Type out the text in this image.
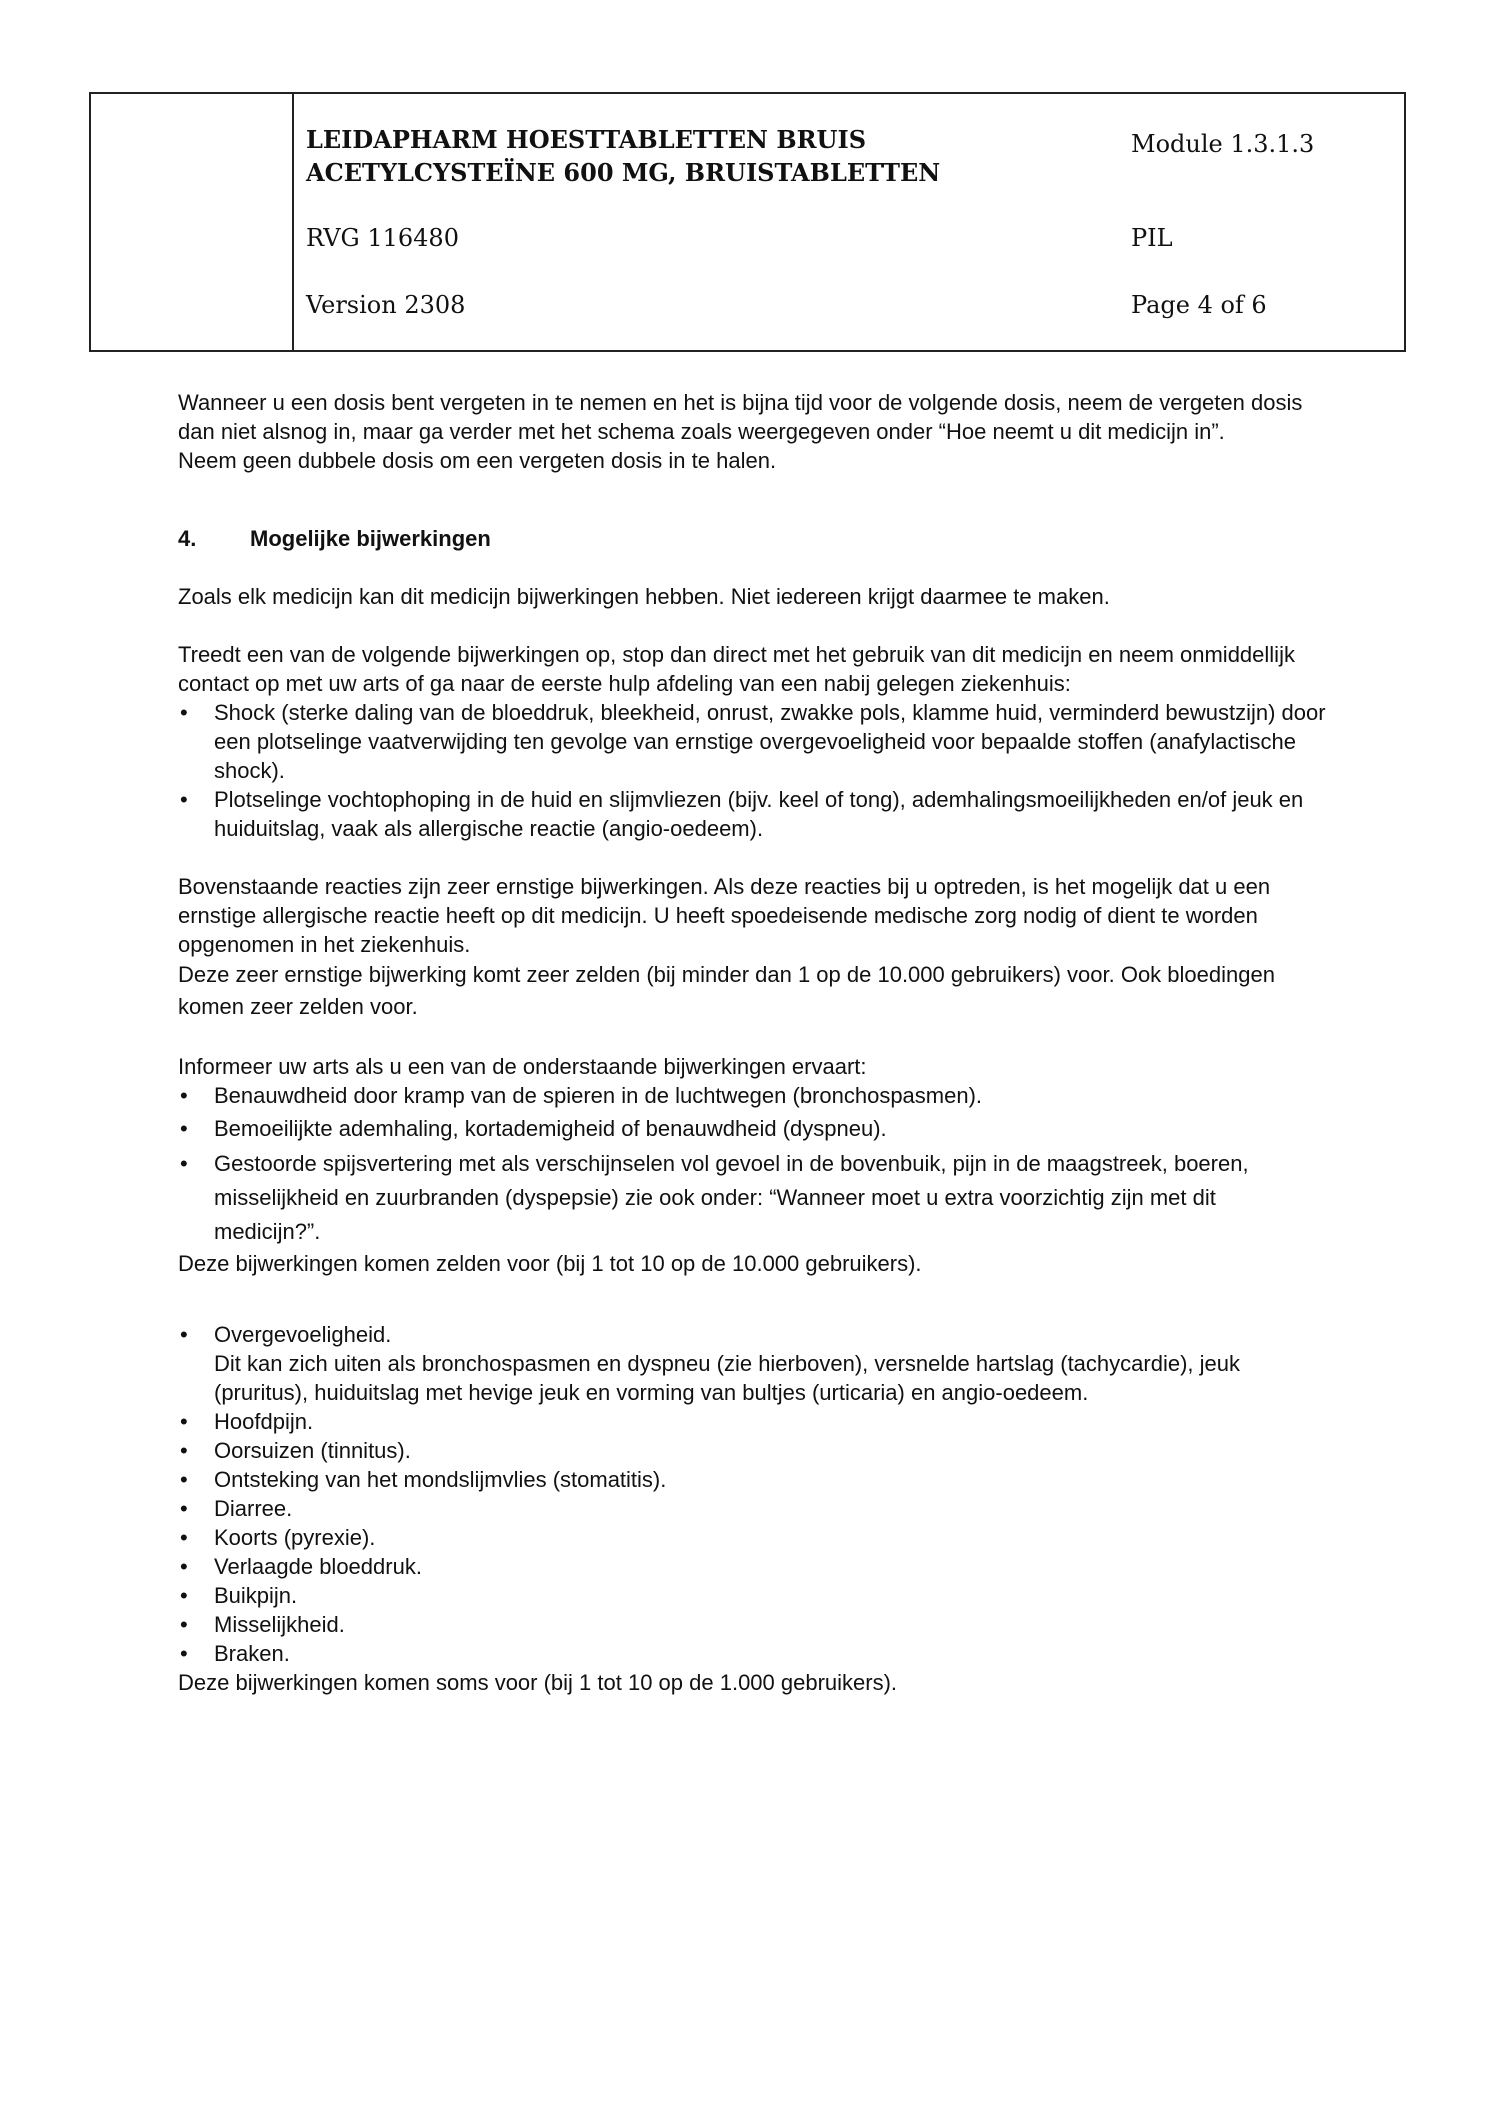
LEIDAPHARM HOESTTABLETTEN BRUIS
ACETYLCYSTEÏNE 600 MG, BRUISTABLETTEN
RVG 116480
Version 2308
Module 1.3.1.3
PIL
Page 4 of 6

Wanneer u een dosis bent vergeten in te nemen en het is bijna tijd voor de volgende dosis, neem de vergeten dosis dan niet alsnog in, maar ga verder met het schema zoals weergegeven onder “Hoe neemt u dit medicijn in”.

Neem geen dubbele dosis om een vergeten dosis in te halen.

4.	Mogelijke bijwerkingen

Zoals elk medicijn kan dit medicijn bijwerkingen hebben. Niet iedereen krijgt daarmee te maken.

Treedt een van de volgende bijwerkingen op, stop dan direct met het gebruik van dit medicijn en neem onmiddellijk contact op met uw arts of ga naar de eerste hulp afdeling van een nabij gelegen ziekenhuis:

• Shock (sterke daling van de bloeddruk, bleekheid, onrust, zwakke pols, klamme huid, verminderd bewustzijn) door een plotselinge vaatverwijding ten gevolge van ernstige overgevoeligheid voor bepaalde stoffen (anafylactische shock).
• Plotselinge vochtophoping in de huid en slijmvliezen (bijv. keel of tong), ademhalingsmoeilijkheden en/of jeuk en huiduitslag, vaak als allergische reactie (angio-oedeem).

Bovenstaande reacties zijn zeer ernstige bijwerkingen. Als deze reacties bij u optreden, is het mogelijk dat u een ernstige allergische reactie heeft op dit medicijn. U heeft spoedeisende medische zorg nodig of dient te worden opgenomen in het ziekenhuis.

Deze zeer ernstige bijwerking komt zeer zelden (bij minder dan 1 op de 10.000 gebruikers) voor. Ook bloedingen komen zeer zelden voor.

Informeer uw arts als u een van de onderstaande bijwerkingen ervaart:

• Benauwdheid door kramp van de spieren in de luchtwegen (bronchospasmen).
• Bemoeilijkte ademhaling, kortademigheid of benauwdheid (dyspneu).
• Gestoorde spijsvertering met als verschijnselen vol gevoel in de bovenbuik, pijn in de maagstreek, boeren, misselijkheid en zuurbranden (dyspepsie) zie ook onder: “Wanneer moet u extra voorzichtig zijn met dit medicijn?”.

Deze bijwerkingen komen zelden voor (bij 1 tot 10 op de 10.000 gebruikers).

• Overgevoeligheid.
Dit kan zich uiten als bronchospasmen en dyspneu (zie hierboven), versnelde hartslag (tachycardie), jeuk (pruritus), huiduitslag met hevige jeuk en vorming van bultjes (urticaria) en angio-oedeem.
• Hoofdpijn.
• Oorsuizen (tinnitus).
• Ontsteking van het mondslijmvlies (stomatitis).
• Diarree.
• Koorts (pyrexie).
• Verlaagde bloeddruk.
• Buikpijn.
• Misselijkheid.
• Braken.

Deze bijwerkingen komen soms voor (bij 1 tot 10 op de 1.000 gebruikers).
